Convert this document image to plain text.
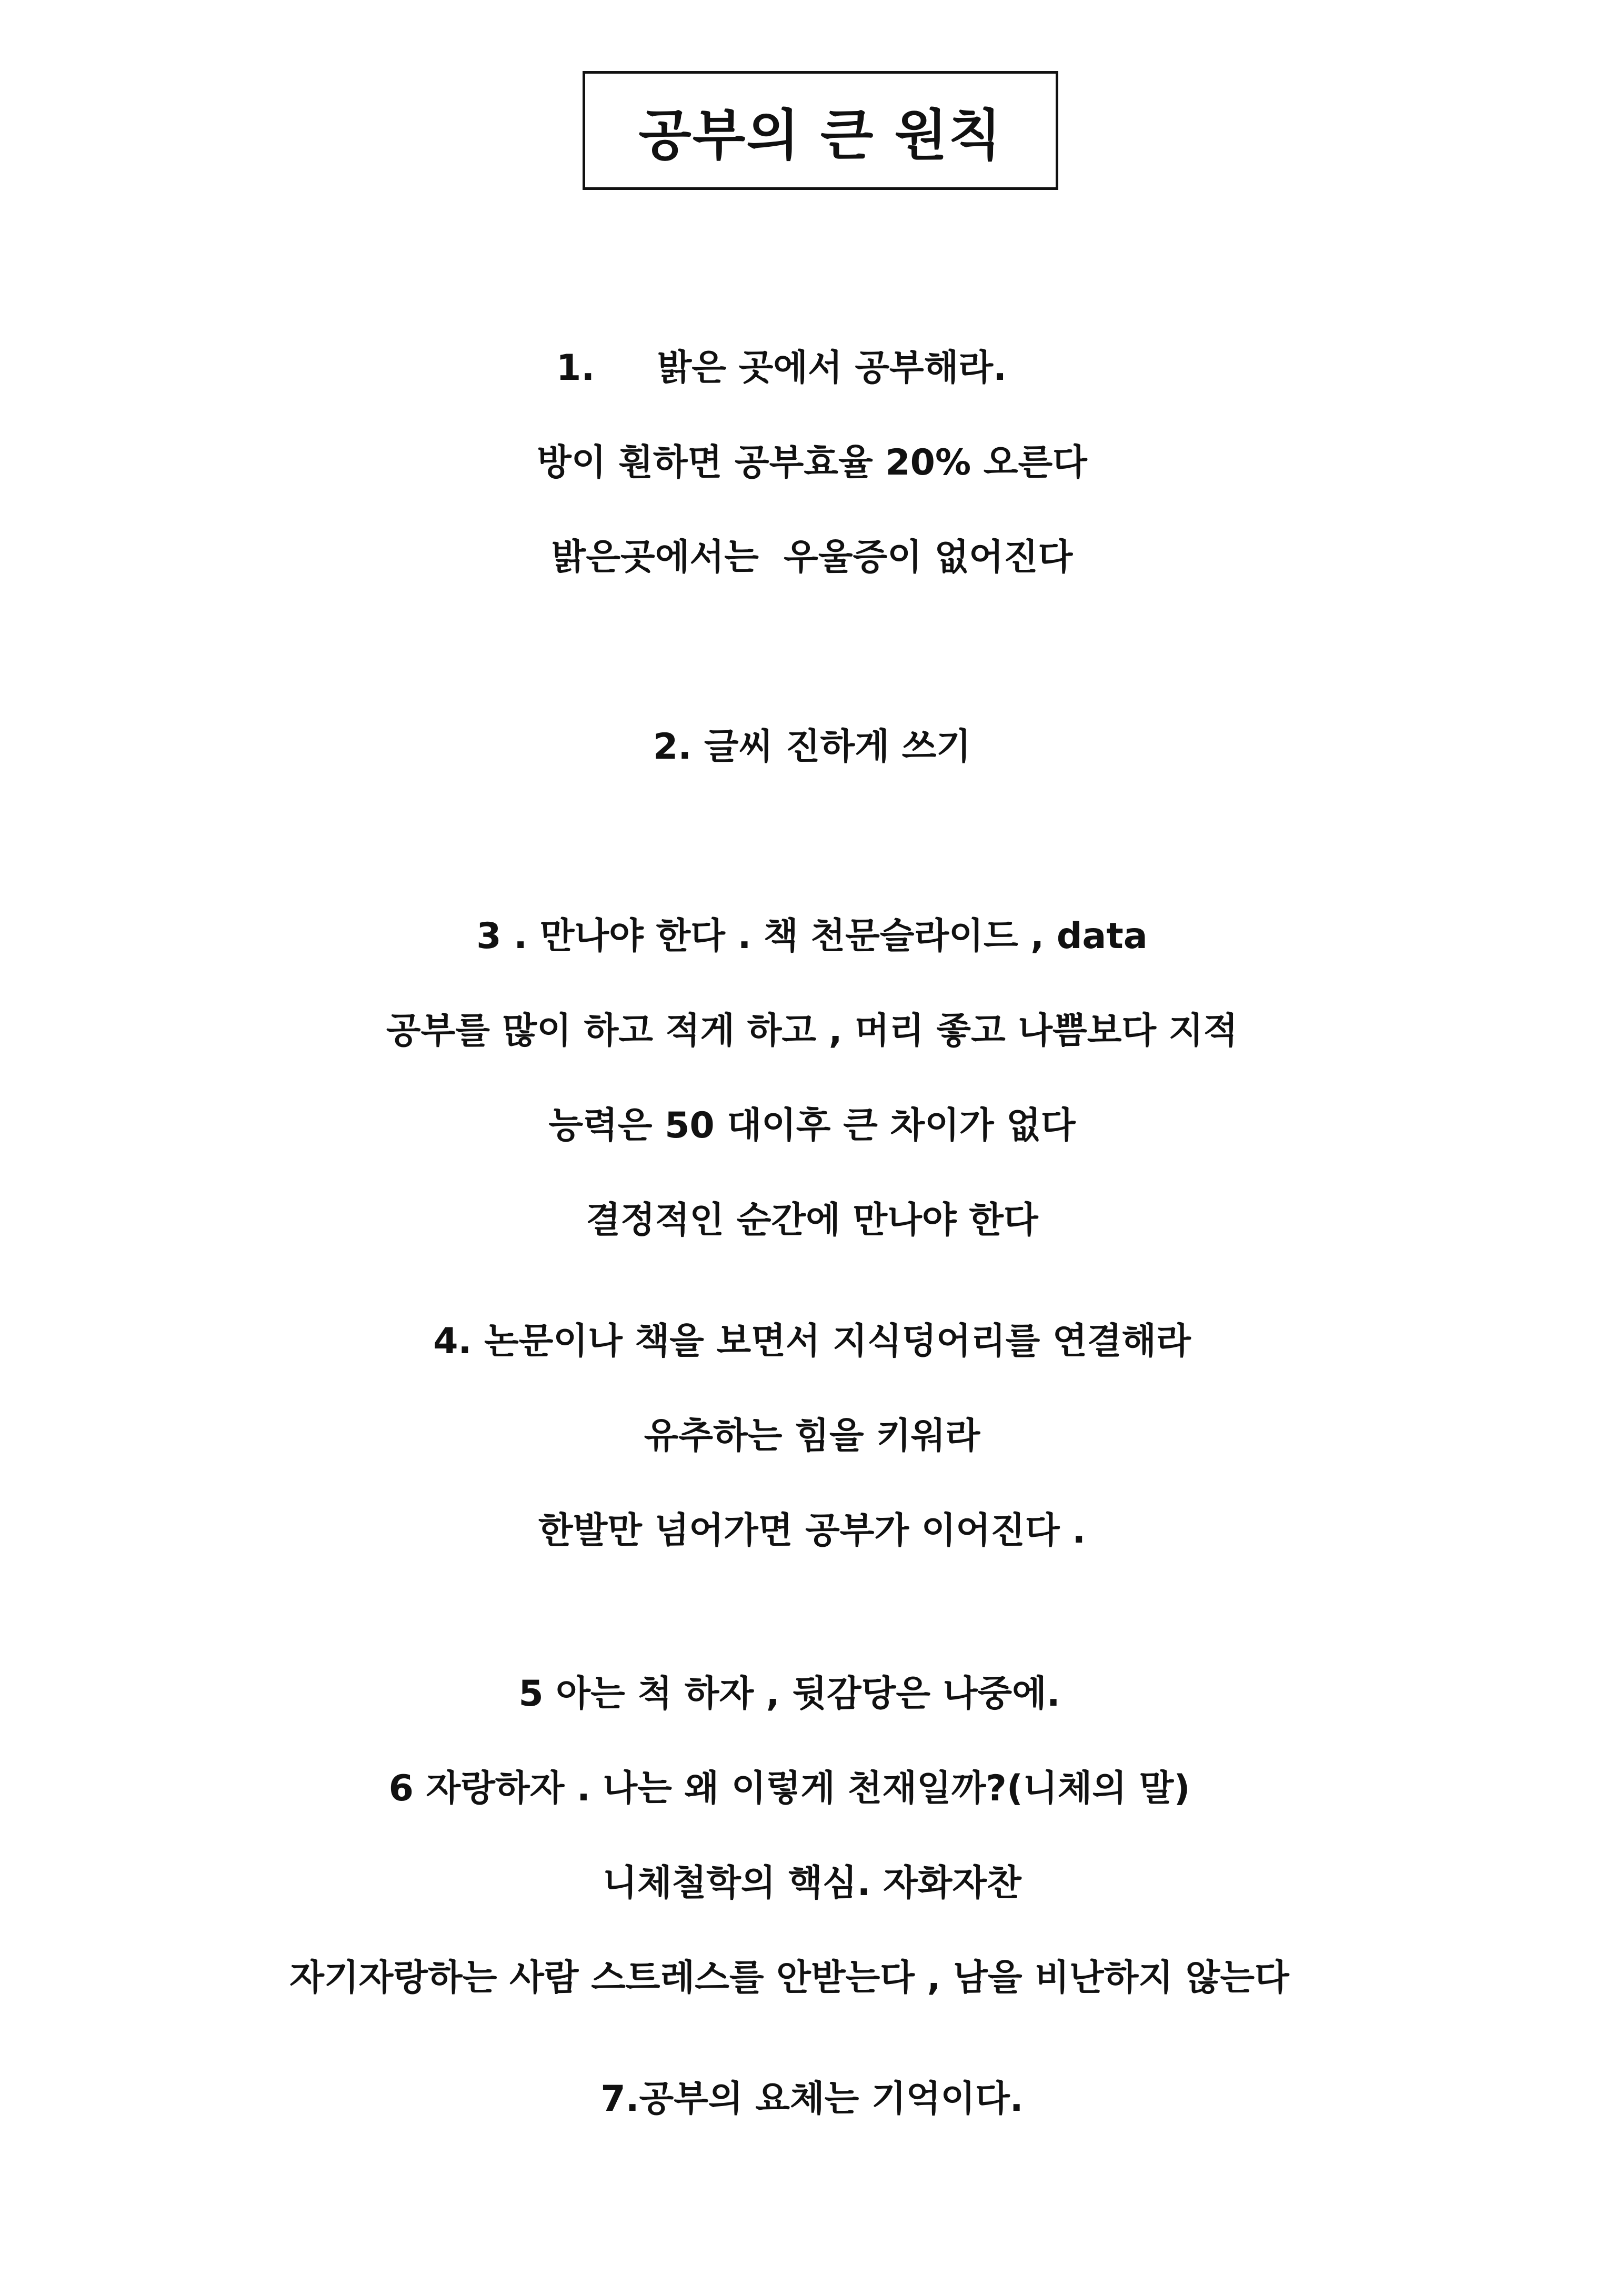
공부의 큰 원칙
1.     밝은 곳에서 공부해라.
방이 훤하면 공부효율 20% 오른다
밝은곳에서는  우울증이 없어진다
2. 글씨 진하게 쓰기
3 . 만나야 한다 . 책 천문슬라이드 , data
공부를 많이 하고 적게 하고 , 머리 좋고 나쁨보다 지적
능력은 50 대이후 큰 차이가 없다
결정적인 순간에 만나야 한다
4. 논문이나 책을 보면서 지식덩어리를 연결해라
유추하는 힘을 키워라
한발만 넘어가면 공부가 이어진다 .
5 아는 척 하자 , 뒷감당은 나중에.
6 자랑하자 . 나는 왜 이렇게 천재일까?(니체의 말)
니체철학의 핵심. 자화자찬
자기자랑하는 사람 스트레스를 안받는다 , 남을 비난하지 않는다
7.공부의 요체는 기억이다.
